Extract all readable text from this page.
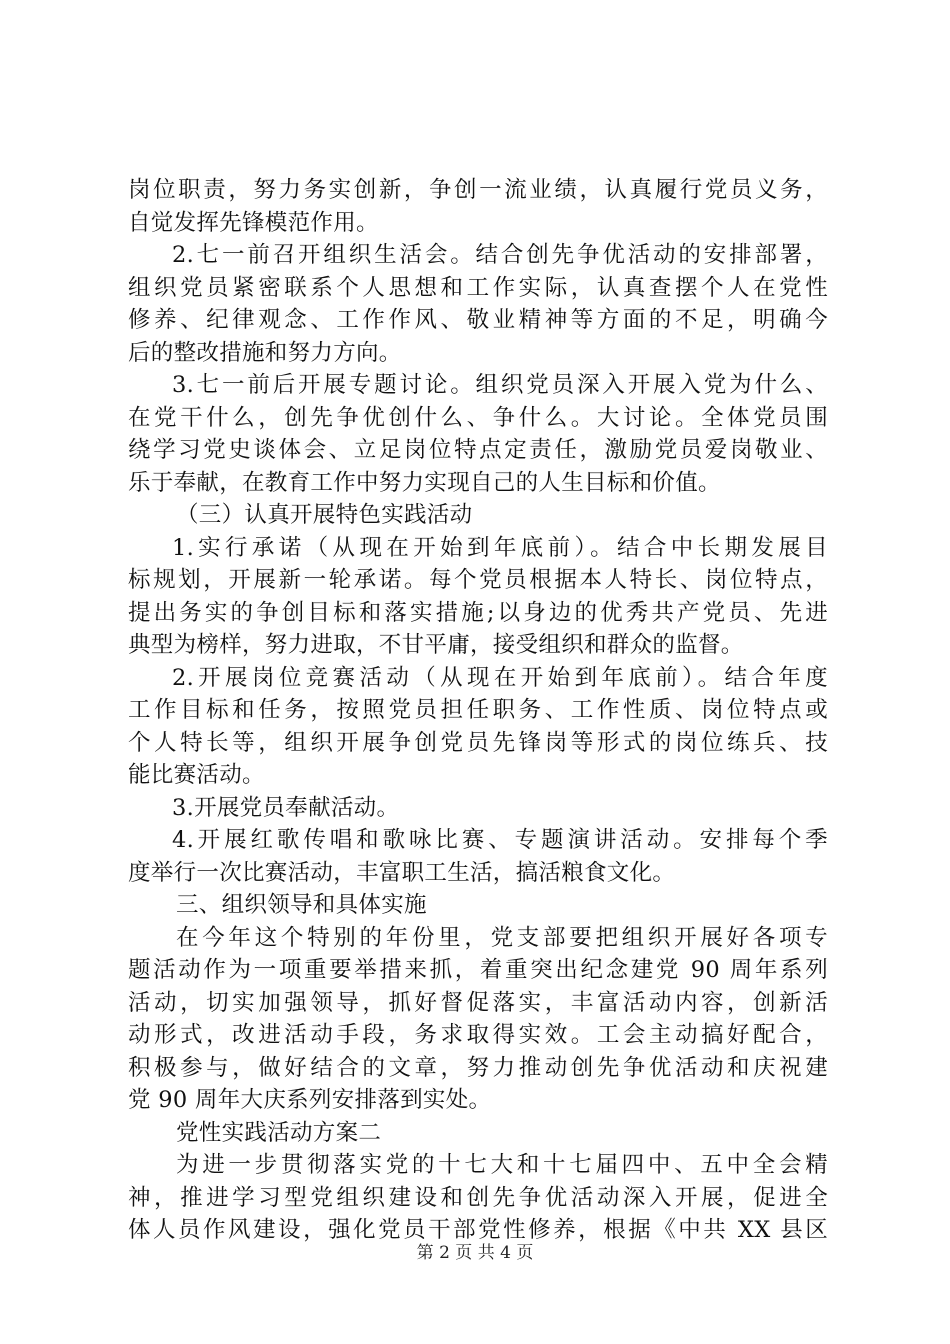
岗位职责，努力务实创新，争创一流业绩，认真履行党员义务，
自觉发挥先锋模范作用。
2.七一前召开组织生活会。结合创先争优活动的安排部署，
组织党员紧密联系个人思想和工作实际，认真查摆个人在党性
修养、纪律观念、工作作风、敬业精神等方面的不足，明确今
后的整改措施和努力方向。
3.七一前后开展专题讨论。组织党员深入开展入党为什么、
在党干什么，创先争优创什么、争什么。大讨论。全体党员围
绕学习党史谈体会、立足岗位特点定责任，激励党员爱岗敬业、
乐于奉献，在教育工作中努力实现自己的人生目标和价值。
（三）认真开展特色实践活动
1.实行承诺（从现在开始到年底前）。结合中长期发展目
标规划，开展新一轮承诺。每个党员根据本人特长、岗位特点，
提出务实的争创目标和落实措施;以身边的优秀共产党员、先进
典型为榜样，努力进取，不甘平庸，接受组织和群众的监督。
2.开展岗位竞赛活动（从现在开始到年底前）。结合年度
工作目标和任务，按照党员担任职务、工作性质、岗位特点或
个人特长等，组织开展争创党员先锋岗等形式的岗位练兵、技
能比赛活动。
3.开展党员奉献活动。
4.开展红歌传唱和歌咏比赛、专题演讲活动。安排每个季
度举行一次比赛活动，丰富职工生活，搞活粮食文化。
三、组织领导和具体实施
在今年这个特别的年份里，党支部要把组织开展好各项专
题活动作为一项重要举措来抓，着重突出纪念建党 90 周年系列
活动，切实加强领导，抓好督促落实，丰富活动内容，创新活
动形式，改进活动手段，务求取得实效。工会主动搞好配合，
积极参与，做好结合的文章，努力推动创先争优活动和庆祝建
党 90 周年大庆系列安排落到实处。
党性实践活动方案二
为进一步贯彻落实党的十七大和十七届四中、五中全会精
神，推进学习型党组织建设和创先争优活动深入开展，促进全
体人员作风建设，强化党员干部党性修养，根据《中共 XX 县区
第 2 页 共 4 页
